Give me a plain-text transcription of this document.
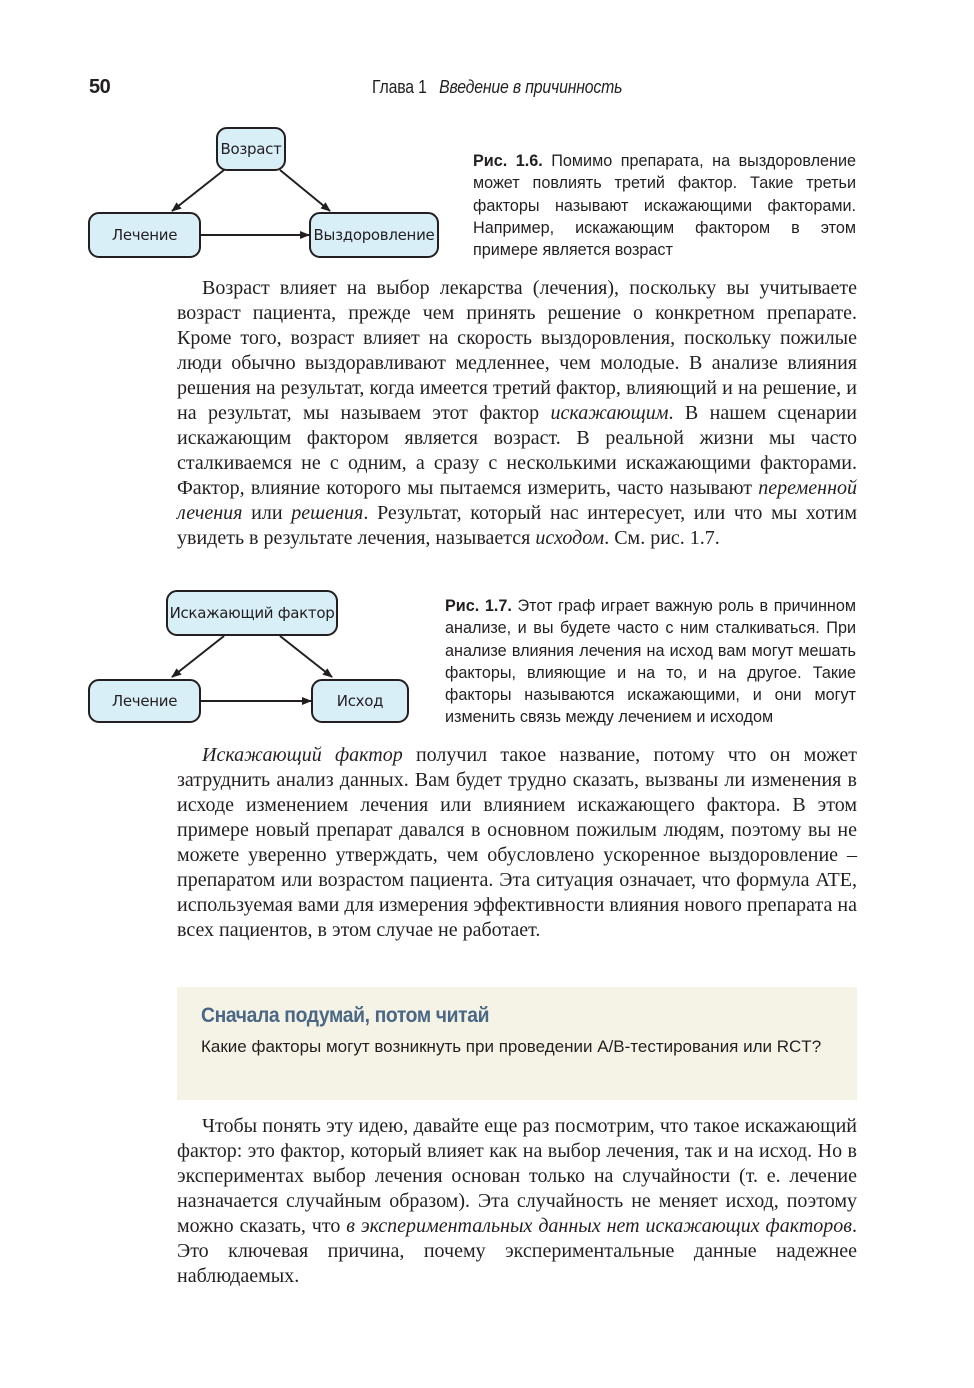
50	Глава 1 Введение в причинность
Возраст
Лечение	Выздоровление
Рис. 1.6. Помимо препарата, на выздоровление может повлиять третий фактор. Такие третьи факторы называют искажающими факторами. Например, искажающим фактором в этом примере является возраст

Возраст влияет на выбор лекарства (лечения), поскольку вы учитываете возраст пациента, прежде чем принять решение о конкретном препарате. Кроме того, возраст влияет на скорость выздоровления, поскольку пожилые люди обычно выздоравливают медленнее, чем молодые. В анализе влияния решения на результат, когда имеется третий фактор, влияющий и на решение, и на результат, мы называем этот фактор искажающим. В нашем сценарии искажающим фактором является возраст. В реальной жизни мы часто сталкиваемся не с одним, а сразу с несколькими искажающими факторами. Фактор, влияние которого мы пытаемся измерить, часто называют переменной лечения или решения. Результат, который нас интересует, или что мы хотим увидеть в результате лечения, называется исходом. См. рис. 1.7.

Искажающий фактор
Лечение	Исход
Рис. 1.7. Этот граф играет важную роль в причинном анализе, и вы будете часто с ним сталкиваться. При анализе влияния лечения на исход вам могут мешать факторы, влияющие и на то, и на другое. Такие факторы называются искажающими, и они могут изменить связь между лечением и исходом

Искажающий фактор получил такое название, потому что он может затруднить анализ данных. Вам будет трудно сказать, вызваны ли изменения в исходе изменением лечения или влиянием искажающего фактора. В этом примере новый препарат давался в основном пожилым людям, поэтому вы не можете уверенно утверждать, чем обусловлено ускоренное выздоровление – препаратом или возрастом пациента. Эта ситуация означает, что формула ATE, используемая вами для измерения эффективности влияния нового препарата на всех пациентов, в этом случае не работает.

Сначала подумай, потом читай
Какие факторы могут возникнуть при проведении A/B-тестирования или RCT?

Чтобы понять эту идею, давайте еще раз посмотрим, что такое искажающий фактор: это фактор, который влияет как на выбор лечения, так и на исход. Но в экспериментах выбор лечения основан только на случайности (т. е. лечение назначается случайным образом). Эта случайность не меняет исход, поэтому можно сказать, что в экспериментальных данных нет искажающих факторов. Это ключевая причина, почему экспериментальные данные надежнее наблюдаемых.
